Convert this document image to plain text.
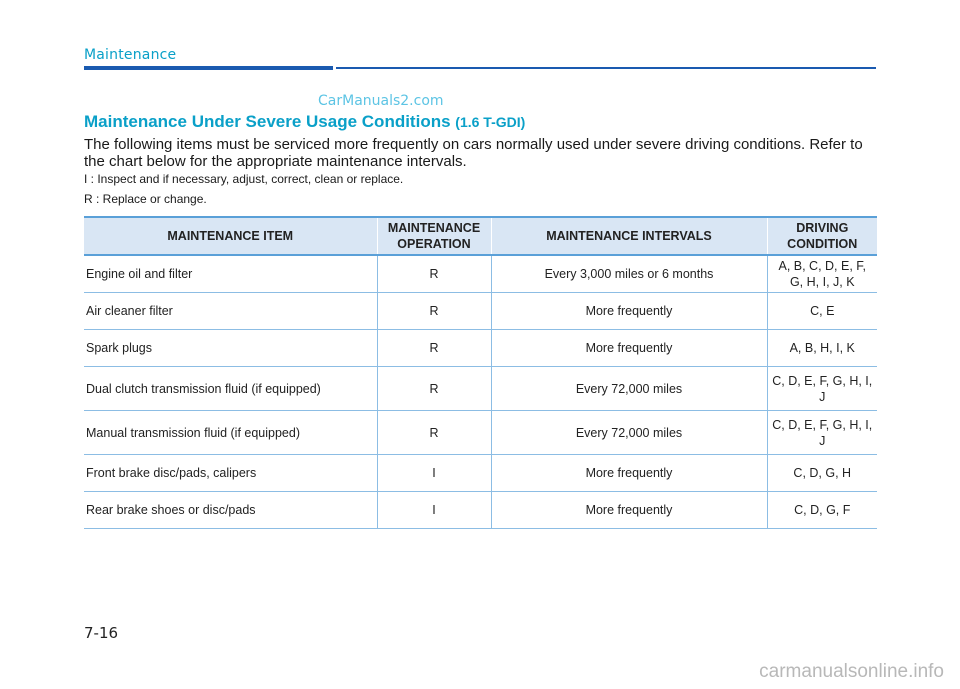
Maintenance
CarManuals2.com
Maintenance Under Severe Usage Conditions (1.6 T-GDI)
The following items must be serviced more frequently on cars normally used under severe driving conditions. Refer to the chart below for the appropriate maintenance intervals.
I : Inspect and if necessary, adjust, correct, clean or replace.
R : Replace or change.
MAINTENANCE ITEM	MAINTENANCE OPERATION	MAINTENANCE INTERVALS	DRIVING CONDITION
Engine oil and filter	R	Every 3,000 miles or 6 months	A, B, C, D, E, F, G, H, I, J, K
Air cleaner filter	R	More frequently	C, E
Spark plugs	R	More frequently	A, B, H, I, K
Dual clutch transmission fluid (if equipped)	R	Every 72,000 miles	C, D, E, F, G, H, I, J
Manual transmission fluid (if equipped)	R	Every 72,000 miles	C, D, E, F, G, H, I, J
Front brake disc/pads, calipers	I	More frequently	C, D, G, H
Rear brake shoes or disc/pads	I	More frequently	C, D, G, F
7-16
carmanualsonline.info
